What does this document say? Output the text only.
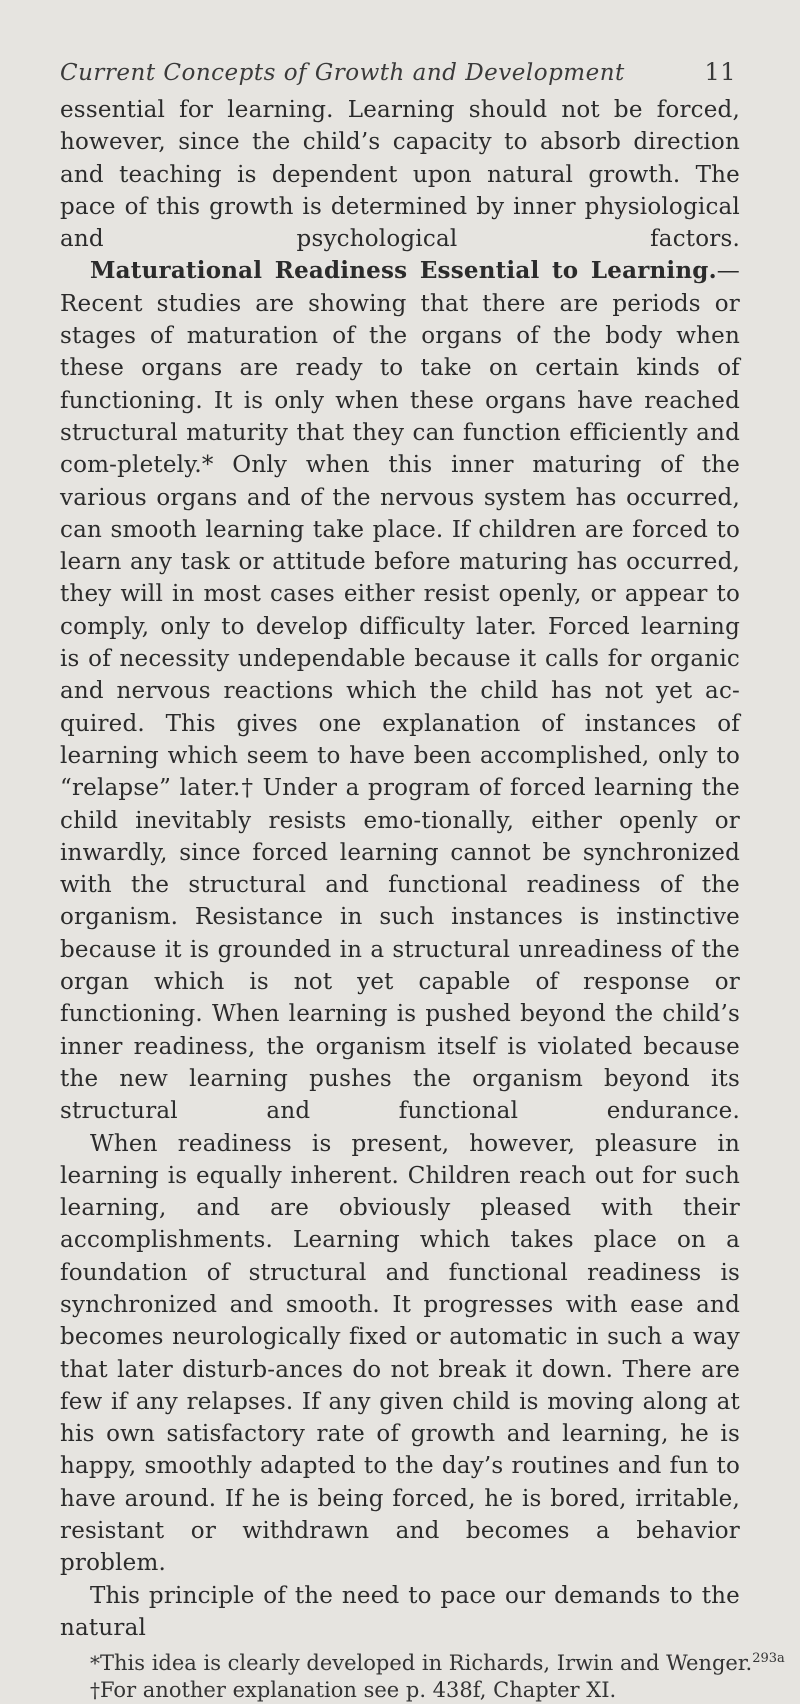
Current Concepts of Growth and Development	11

essential for learning. Learning should not be forced, however, since the child’s capacity to absorb direction and teaching is dependent upon natural growth. The pace of this growth is determined by inner physiological and psychological factors.

Maturational Readiness Essential to Learning.—Recent studies are showing that there are periods or stages of maturation of the organs of the body when these organs are ready to take on certain kinds of functioning. It is only when these organs have reached structural maturity that they can function efficiently and com-pletely.* Only when this inner maturing of the various organs and of the nervous system has occurred, can smooth learning take place. If children are forced to learn any task or attitude before maturing has occurred, they will in most cases either resist openly, or appear to comply, only to develop difficulty later. Forced learning is of necessity undependable because it calls for organic and nervous reactions which the child has not yet ac-quired. This gives one explanation of instances of learning which seem to have been accomplished, only to “relapse” later.† Under a program of forced learning the child inevitably resists emo-tionally, either openly or inwardly, since forced learning cannot be synchronized with the structural and functional readiness of the organism. Resistance in such instances is instinctive because it is grounded in a structural unreadiness of the organ which is not yet capable of response or functioning. When learning is pushed beyond the child’s inner readiness, the organism itself is violated because the new learning pushes the organism beyond its structural and functional endurance.

When readiness is present, however, pleasure in learning is equally inherent. Children reach out for such learning, and are obviously pleased with their accomplishments. Learning which takes place on a foundation of structural and functional readiness is synchronized and smooth. It progresses with ease and becomes neurologically fixed or automatic in such a way that later disturb-ances do not break it down. There are few if any relapses. If any given child is moving along at his own satisfactory rate of growth and learning, he is happy, smoothly adapted to the day’s routines and fun to have around. If he is being forced, he is bored, irritable, resistant or withdrawn and becomes a behavior problem.

This principle of the need to pace our demands to the natural

*This idea is clearly developed in Richards, Irwin and Wenger.$^{293a}$
†For another explanation see p. 438f, Chapter XI.
